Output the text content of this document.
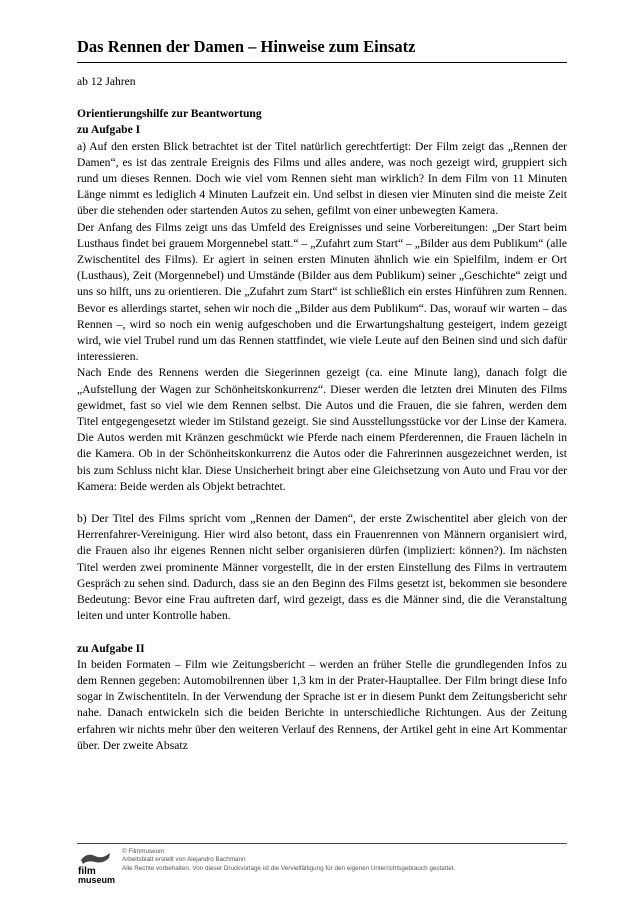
Das Rennen der Damen – Hinweise zum Einsatz

ab 12 Jahren

Orientierungshilfe zur Beantwortung

zu Aufgabe I

a) Auf den ersten Blick betrachtet ist der Titel natürlich gerechtfertigt: Der Film zeigt das „Rennen der Damen“, es ist das zentrale Ereignis des Films und alles andere, was noch gezeigt wird, gruppiert sich rund um dieses Rennen. Doch wie viel vom Rennen sieht man wirklich? In dem Film von 11 Minuten Länge nimmt es lediglich 4 Minuten Laufzeit ein. Und selbst in diesen vier Minuten sind die meiste Zeit über die stehenden oder startenden Autos zu sehen, gefilmt von einer unbewegten Kamera.

Der Anfang des Films zeigt uns das Umfeld des Ereignisses und seine Vorbereitungen: „Der Start beim Lusthaus findet bei grauem Morgennebel statt.“ – „Zufahrt zum Start“ – „Bilder aus dem Publikum“ (alle Zwischentitel des Films). Er agiert in seinen ersten Minuten ähnlich wie ein Spielfilm, indem er Ort (Lusthaus), Zeit (Morgennebel) und Umstände (Bilder aus dem Publikum) seiner „Geschichte“ zeigt und uns so hilft, uns zu orientieren. Die „Zufahrt zum Start“ ist schließlich ein erstes Hinführen zum Rennen. Bevor es allerdings startet, sehen wir noch die „Bilder aus dem Publikum“. Das, worauf wir warten – das Rennen –, wird so noch ein wenig aufgeschoben und die Erwartungshaltung gesteigert, indem gezeigt wird, wie viel Trubel rund um das Rennen stattfindet, wie viele Leute auf den Beinen sind und sich dafür interessieren.

Nach Ende des Rennens werden die Siegerinnen gezeigt (ca. eine Minute lang), danach folgt die „Aufstellung der Wagen zur Schönheitskonkurrenz“. Dieser werden die letzten drei Minuten des Films gewidmet, fast so viel wie dem Rennen selbst. Die Autos und die Frauen, die sie fahren, werden dem Titel entgegengesetzt wieder im Stilstand gezeigt. Sie sind Ausstellungsstücke vor der Linse der Kamera. Die Autos werden mit Kränzen geschmückt wie Pferde nach einem Pferderennen, die Frauen lächeln in die Kamera. Ob in der Schönheitskonkurrenz die Autos oder die Fahrerinnen ausgezeichnet werden, ist bis zum Schluss nicht klar. Diese Unsicherheit bringt aber eine Gleichsetzung von Auto und Frau vor der Kamera: Beide werden als Objekt betrachtet.

b) Der Titel des Films spricht vom „Rennen der Damen“, der erste Zwischentitel aber gleich von der Herrenfahrer-Vereinigung. Hier wird also betont, dass ein Frauenrennen von Männern organisiert wird, die Frauen also ihr eigenes Rennen nicht selber organisieren dürfen (impliziert: können?). Im nächsten Titel werden zwei prominente Männer vorgestellt, die in der ersten Einstellung des Films in vertrautem Gespräch zu sehen sind. Dadurch, dass sie an den Beginn des Films gesetzt ist, bekommen sie besondere Bedeutung: Bevor eine Frau auftreten darf, wird gezeigt, dass es die Männer sind, die die Veranstaltung leiten und unter Kontrolle haben.

zu Aufgabe II

In beiden Formaten – Film wie Zeitungsbericht – werden an früher Stelle die grundlegenden Infos zu dem Rennen gegeben: Automobilrennen über 1,3 km in der Prater-Hauptallee. Der Film bringt diese Info sogar in Zwischentiteln. In der Verwendung der Sprache ist er in diesem Punkt dem Zeitungsbericht sehr nahe. Danach entwickeln sich die beiden Berichte in unterschiedliche Richtungen. Aus der Zeitung erfahren wir nichts mehr über den weiteren Verlauf des Rennens, der Artikel geht in eine Art Kommentar über. Der zweite Absatz

film
museum
© Filmmuseum
Arbeitsblatt erstellt von Alejandro Bachmann
Alle Rechte vorbehalten. Von dieser Druckvorlage ist die Vervielfältigung für den eigenen Unterrichtsgebrauch gestattet.
